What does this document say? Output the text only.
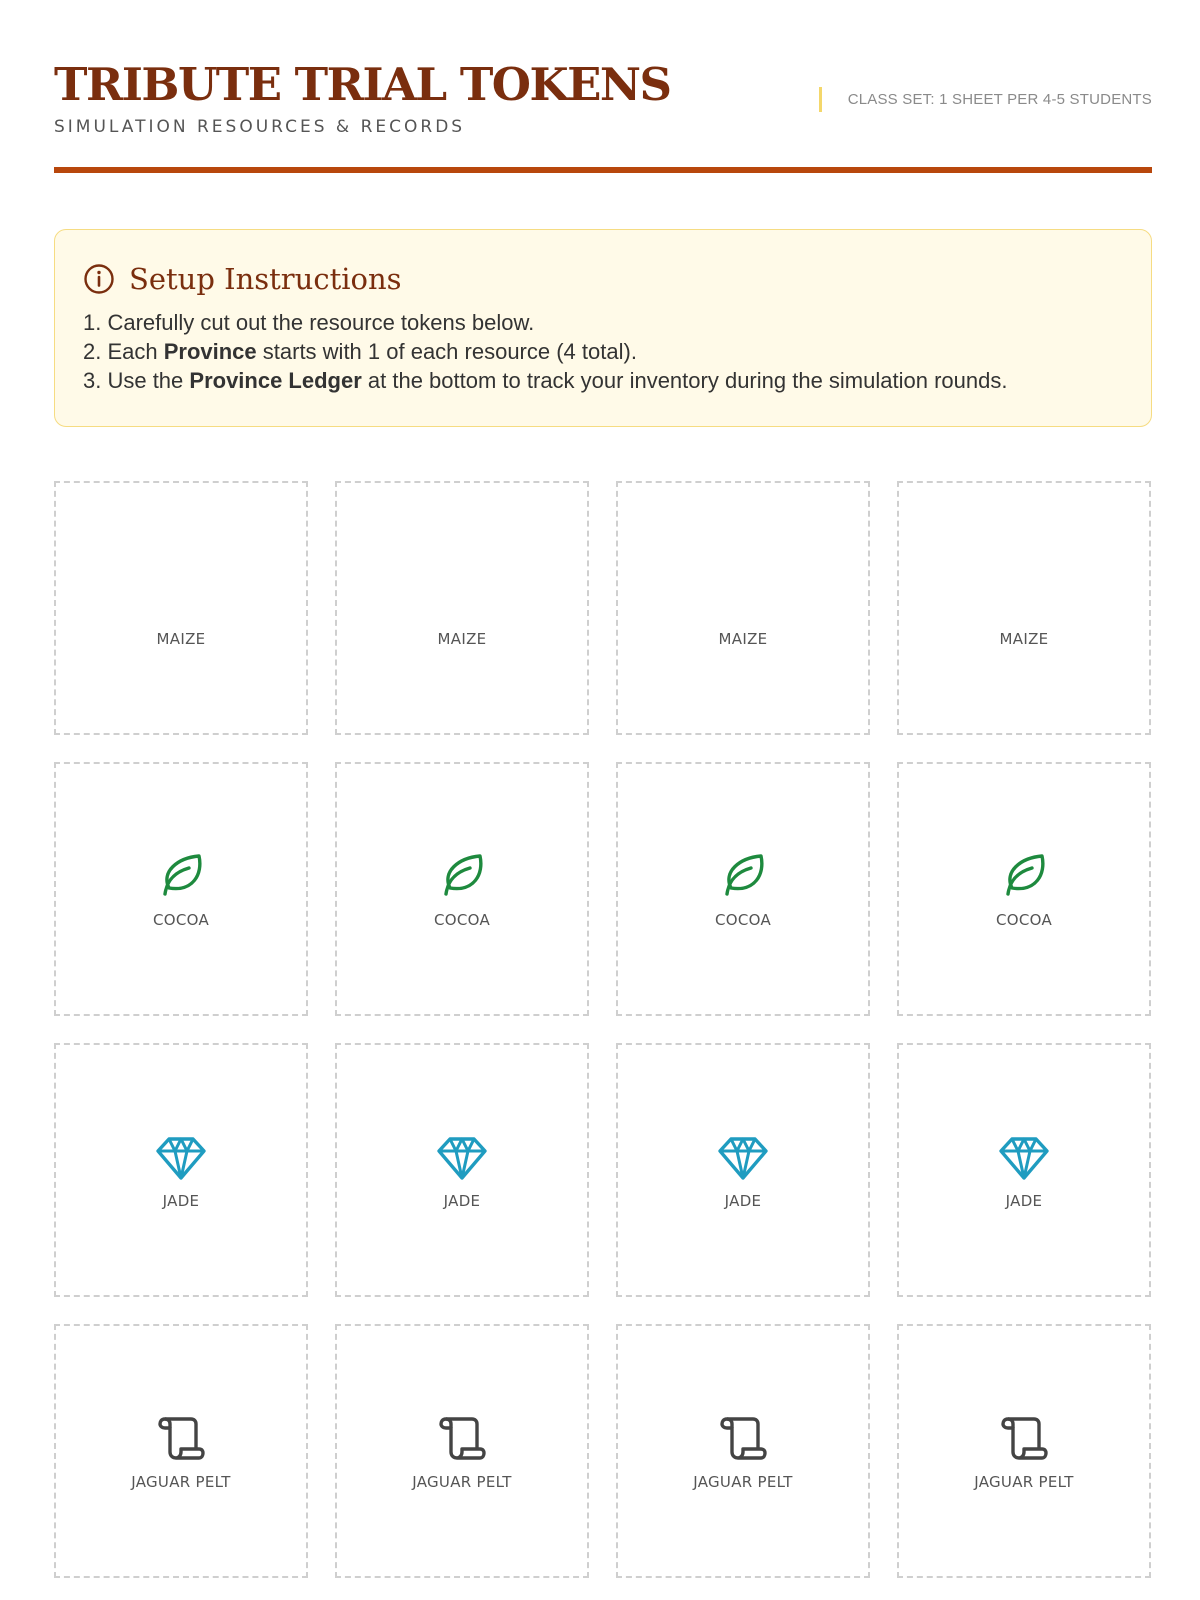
TRIBUTE TRIAL TOKENS
SIMULATION RESOURCES & RECORDS
CLASS SET: 1 SHEET PER 4-5 STUDENTS
Setup Instructions
1. Carefully cut out the resource tokens below.
2. Each Province starts with 1 of each resource (4 total).
3. Use the Province Ledger at the bottom to track your inventory during the simulation rounds.
MAIZE	MAIZE	MAIZE	MAIZE
COCOA	COCOA	COCOA	COCOA
JADE	JADE	JADE	JADE
JAGUAR PELT	JAGUAR PELT	JAGUAR PELT	JAGUAR PELT
